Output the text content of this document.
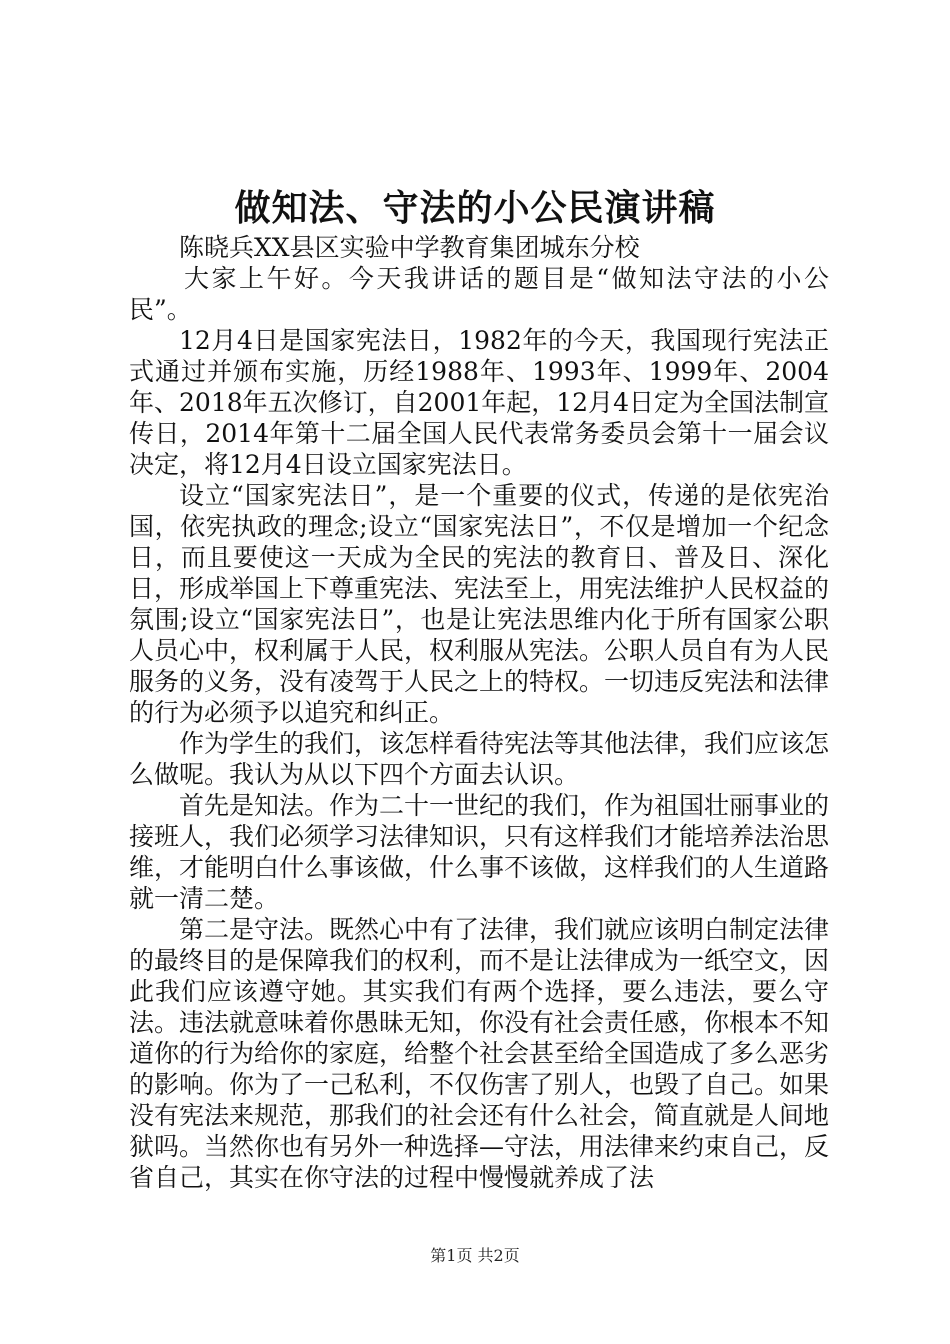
做知法、守法的小公民演讲稿

陈晓兵XX县区实验中学教育集团城东分校

大家上午好。今天我讲话的题目是“做知法守法的小公民”。

12月4日是国家宪法日，1982年的今天，我国现行宪法正式通过并颁布实施，历经1988年、1993年、1999年、2004年、2018年五次修订，自2001年起，12月4日定为全国法制宣传日，2014年第十二届全国人民代表常务委员会第十一届会议决定，将12月4日设立国家宪法日。

设立“国家宪法日”，是一个重要的仪式，传递的是依宪治国，依宪执政的理念;设立“国家宪法日”，不仅是增加一个纪念日，而且要使这一天成为全民的宪法的教育日、普及日、深化日，形成举国上下尊重宪法、宪法至上，用宪法维护人民权益的氛围;设立“国家宪法日”，也是让宪法思维内化于所有国家公职人员心中，权利属于人民，权利服从宪法。公职人员自有为人民服务的义务，没有凌驾于人民之上的特权。一切违反宪法和法律的行为必须予以追究和纠正。

作为学生的我们，该怎样看待宪法等其他法律，我们应该怎么做呢。我认为从以下四个方面去认识。

首先是知法。作为二十一世纪的我们，作为祖国壮丽事业的接班人，我们必须学习法律知识，只有这样我们才能培养法治思维，才能明白什么事该做，什么事不该做，这样我们的人生道路就一清二楚。

第二是守法。既然心中有了法律，我们就应该明白制定法律的最终目的是保障我们的权利，而不是让法律成为一纸空文，因此我们应该遵守她。其实我们有两个选择，要么违法，要么守法。违法就意味着你愚昧无知，你没有社会责任感，你根本不知道你的行为给你的家庭，给整个社会甚至给全国造成了多么恶劣的影响。你为了一己私利，不仅伤害了别人，也毁了自己。如果没有宪法来规范，那我们的社会还有什么社会，简直就是人间地狱吗。当然你也有另外一种选择—守法，用法律来约束自己，反省自己，其实在你守法的过程中慢慢就养成了法

第1页 共2页
